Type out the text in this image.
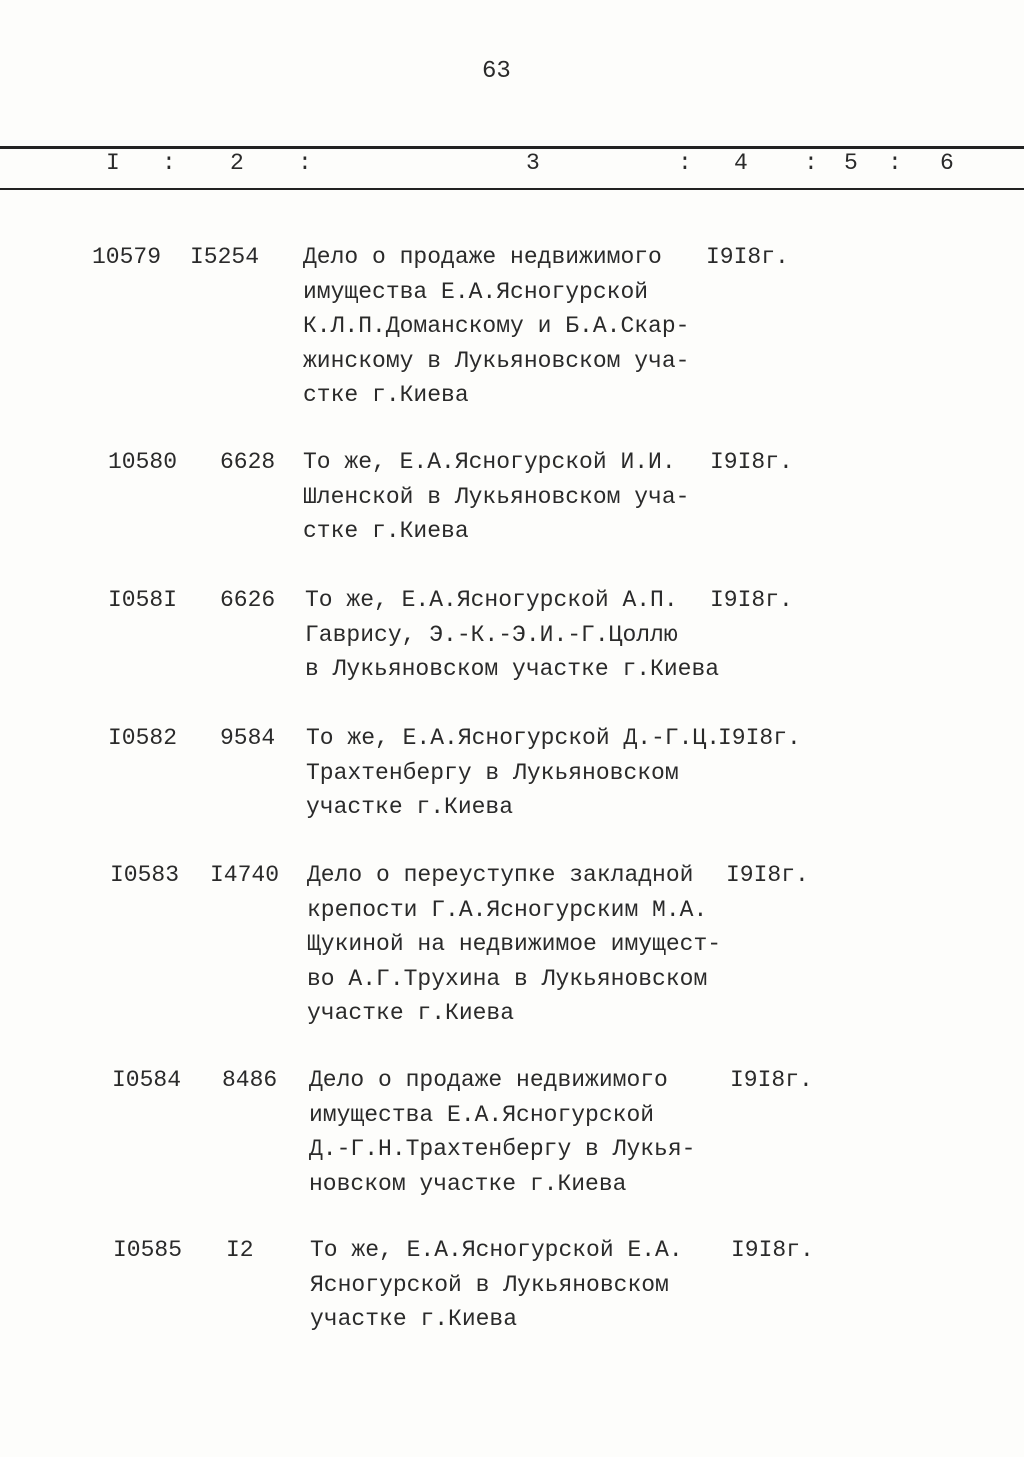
63
I : 2 :	3	: 4 : 5 : 6
10579 I5254 Дело о продаже недвижимого
имущества Е.А.Ясногурской
К.Л.П.Доманскому и Б.А.Скар-
жинскому в Лукьяновском уча-
стке г.Киева
I9I8г.
10580 6628 То же, Е.А.Ясногурской И.И.
Шленской в Лукьяновском уча-
стке г.Киева
I9I8г.
I058I 6626 То же, Е.А.Ясногурской А.П.
Гаврису, Э.-К.-Э.И.-Г.Цоллю
в Лукьяновском участке г.Киева
I9I8г.
I0582 9584 То же, Е.А.Ясногурской Д.-Г.Ц.
Трахтенбергу в Лукьяновском
участке г.Киева
I9I8г.
I0583 I4740 Дело о переуступке закладной
крепости Г.А.Ясногурским М.А.
Щукиной на недвижимое имущест-
во А.Г.Трухина в Лукьяновском
участке г.Киева
I9I8г.
I0584 8486 Дело о продаже недвижимого
имущества Е.А.Ясногурской
Д.-Г.Н.Трахтенбергу в Лукья-
новском участке г.Киева
I9I8г.
I0585 I2 То же, Е.А.Ясногурской Е.А.
Ясногурской в Лукьяновском
участке г.Киева
I9I8г.
